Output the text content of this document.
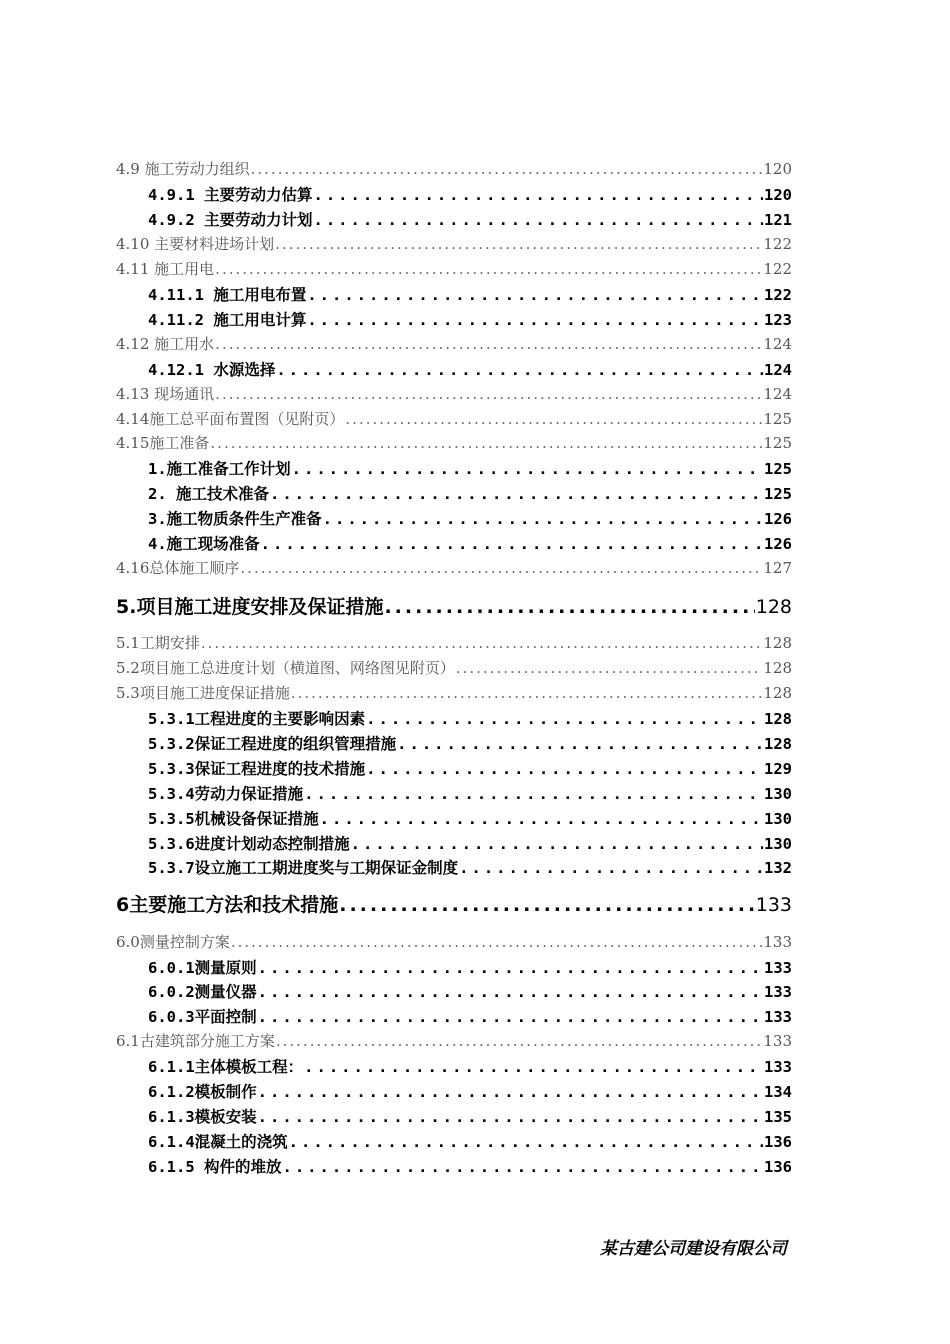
4.9 施工劳动力组织 .....	120
4.9.1 主要劳动力估算 .....	120
4.9.2 主要劳动力计划 .....	121
4.10 主要材料进场计划 .....	122
4.11 施工用电 .....	122
4.11.1 施工用电布置 .....	122
4.11.2 施工用电计算 .....	123
4.12 施工用水 .....	124
4.12.1 水源选择 .....	124
4.13 现场通讯 .....	124
4.14施工总平面布置图（见附页） .....	125
4.15施工准备 .....	125
1.施工准备工作计划 .....	125
2. 施工技术准备 .....	125
3.施工物质条件生产准备 .....	126
4.施工现场准备 .....	126
4.16总体施工顺序 .....	127
5.项目施工进度安排及保证措施 .....	128
5.1工期安排 .....	128
5.2项目施工总进度计划（横道图、网络图见附页） .....	128
5.3项目施工进度保证措施 .....	128
5.3.1工程进度的主要影响因素 .....	128
5.3.2保证工程进度的组织管理措施 .....	128
5.3.3保证工程进度的技术措施 .....	129
5.3.4劳动力保证措施 .....	130
5.3.5机械设备保证措施 .....	130
5.3.6进度计划动态控制措施 .....	130
5.3.7设立施工工期进度奖与工期保证金制度 .....	132
6主要施工方法和技术措施 .....	133
6.0测量控制方案 .....	133
6.0.1测量原则 .....	133
6.0.2测量仪器 .....	133
6.0.3平面控制 .....	133
6.1古建筑部分施工方案 .....	133
6.1.1主体模板工程： .....	133
6.1.2模板制作 .....	134
6.1.3模板安装 .....	135
6.1.4混凝土的浇筑 .....	136
6.1.5 构件的堆放 .....	136
某古建公司建设有限公司
